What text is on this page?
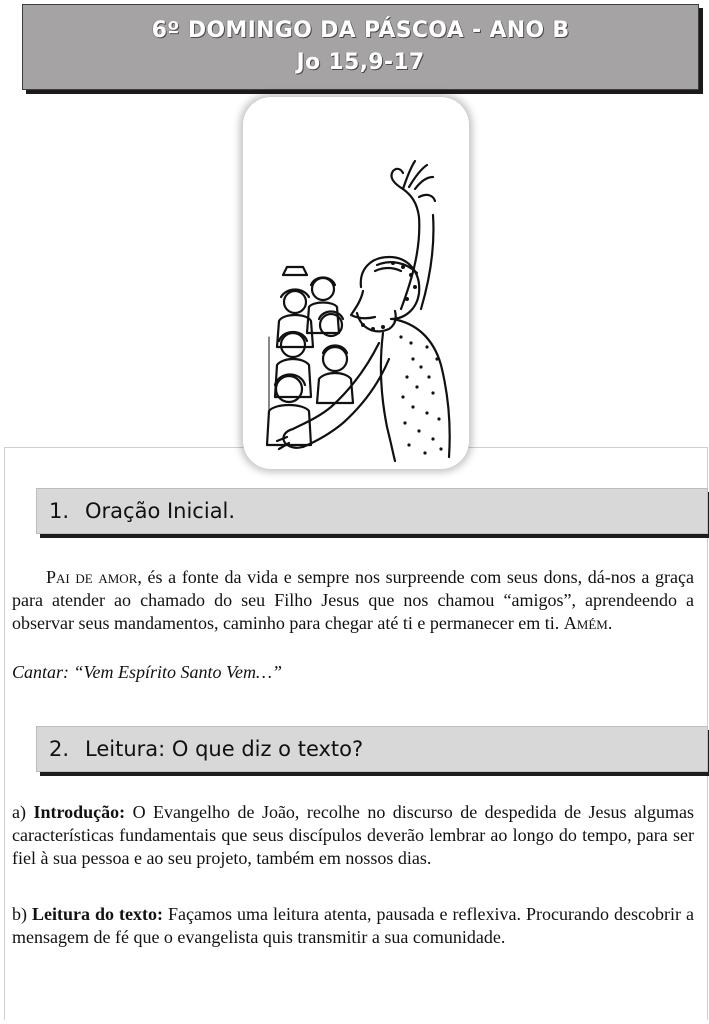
6º DOMINGO DA PÁSCOA - ANO B
Jo 15,9-17
1. Oração Inicial.
Pai de amor, és a fonte da vida e sempre nos surpreende com seus dons, dá-nos a graça para atender ao chamado do seu Filho Jesus que nos chamou “amigos”, aprendeendo a observar seus mandamentos, caminho para chegar até ti e permanecer em ti. Amém.
Cantar: “Vem Espírito Santo Vem…”
2. Leitura: O que diz o texto?
a) Introdução: O Evangelho de João, recolhe no discurso de despedida de Jesus algumas características fundamentais que seus discípulos deverão lembrar ao longo do tempo, para ser fiel à sua pessoa e ao seu projeto, também em nossos dias.
b) Leitura do texto: Façamos uma leitura atenta, pausada e reflexiva. Procurando descobrir a mensagem de fé que o evangelista quis transmitir a sua comunidade.
